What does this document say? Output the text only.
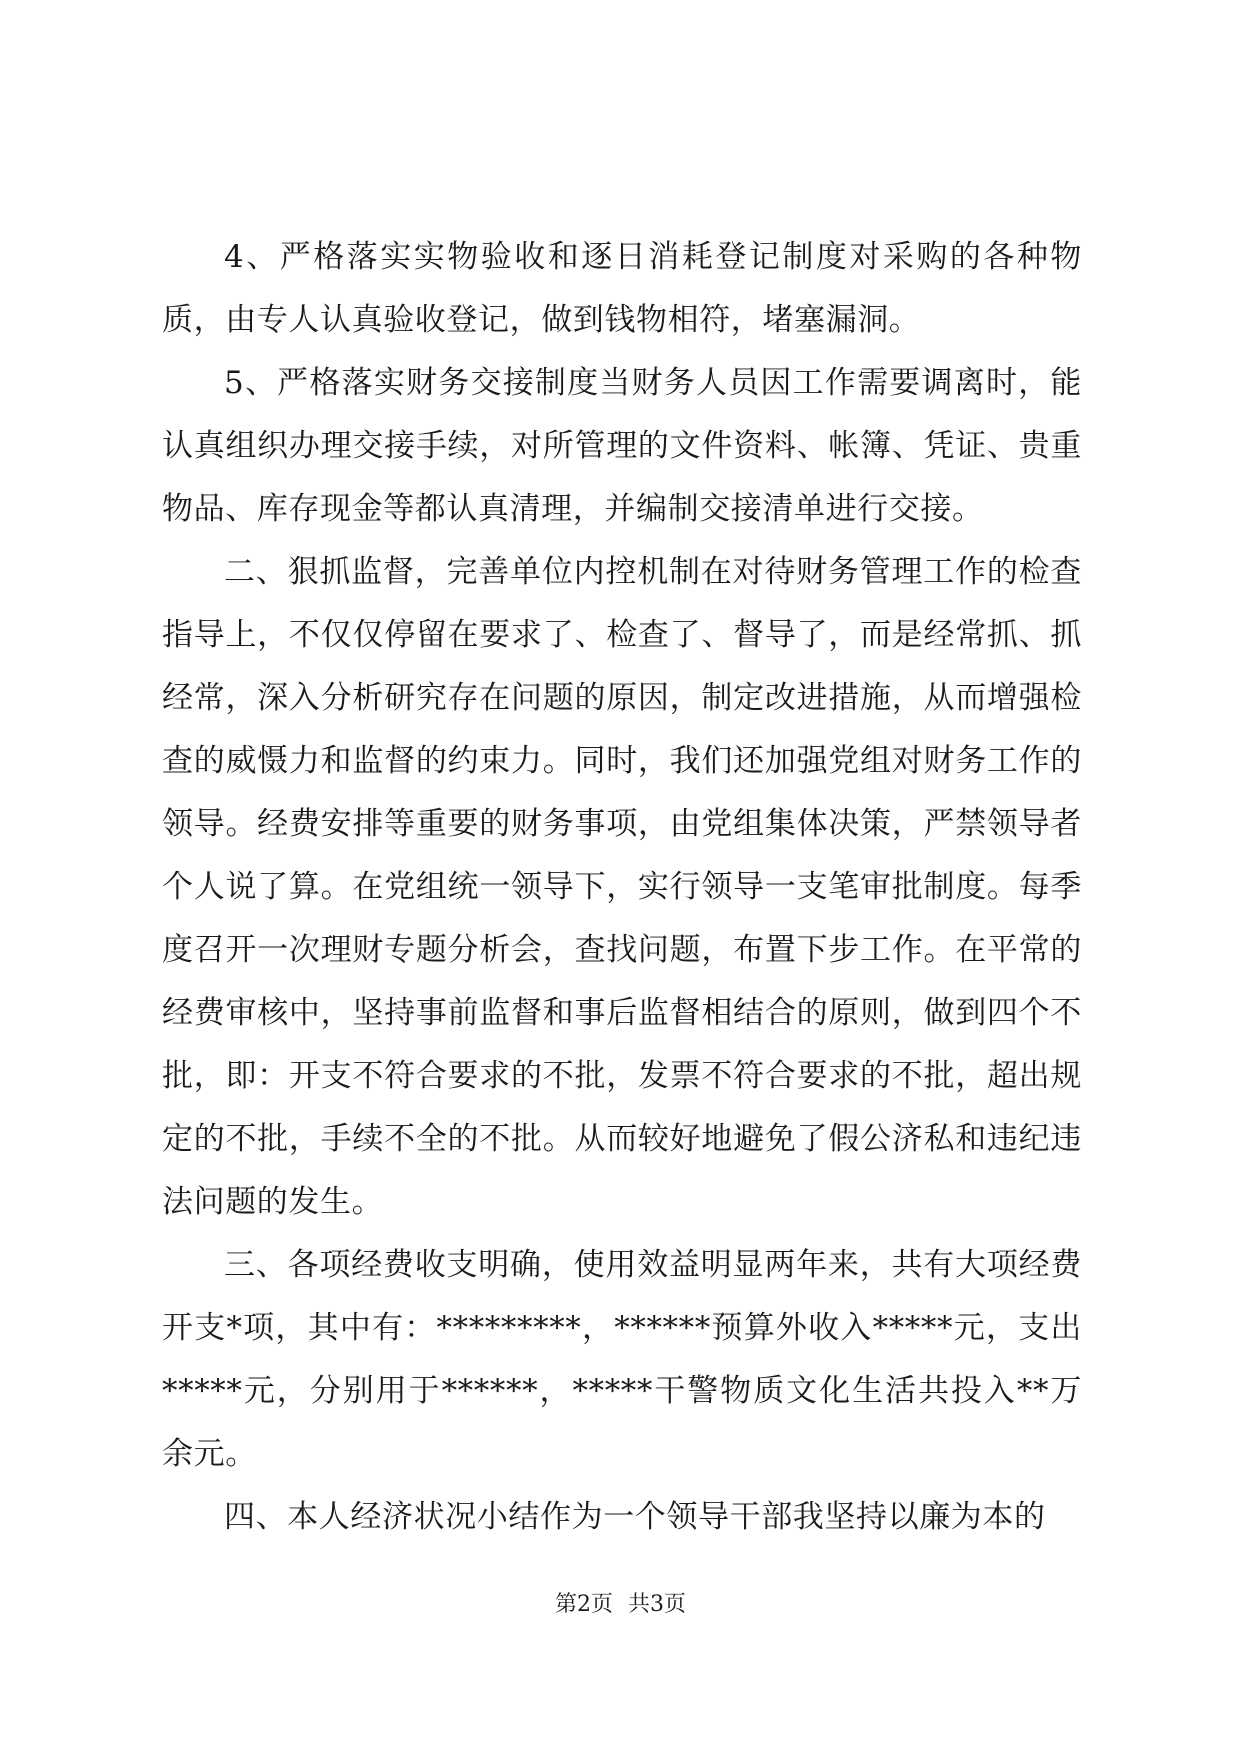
4、严格落实实物验收和逐日消耗登记制度对采购的各种物质，由专人认真验收登记，做到钱物相符，堵塞漏洞。

5、严格落实财务交接制度当财务人员因工作需要调离时，能认真组织办理交接手续，对所管理的文件资料、帐簿、凭证、贵重物品、库存现金等都认真清理，并编制交接清单进行交接。

二、狠抓监督，完善单位内控机制在对待财务管理工作的检查指导上，不仅仅停留在要求了、检查了、督导了，而是经常抓、抓经常，深入分析研究存在问题的原因，制定改进措施，从而增强检查的威慑力和监督的约束力。同时，我们还加强党组对财务工作的领导。经费安排等重要的财务事项，由党组集体决策，严禁领导者个人说了算。在党组统一领导下，实行领导一支笔审批制度。每季度召开一次理财专题分析会，查找问题，布置下步工作。在平常的经费审核中，坚持事前监督和事后监督相结合的原则，做到四个不批，即：开支不符合要求的不批，发票不符合要求的不批，超出规定的不批，手续不全的不批。从而较好地避免了假公济私和违纪违法问题的发生。

三、各项经费收支明确，使用效益明显两年来，共有大项经费开支*项，其中有：*********，******预算外收入*****元，支出*****元，分别用于******，*****干警物质文化生活共投入**万余元。

四、本人经济状况小结作为一个领导干部我坚持以廉为本的

第2页 共3页
